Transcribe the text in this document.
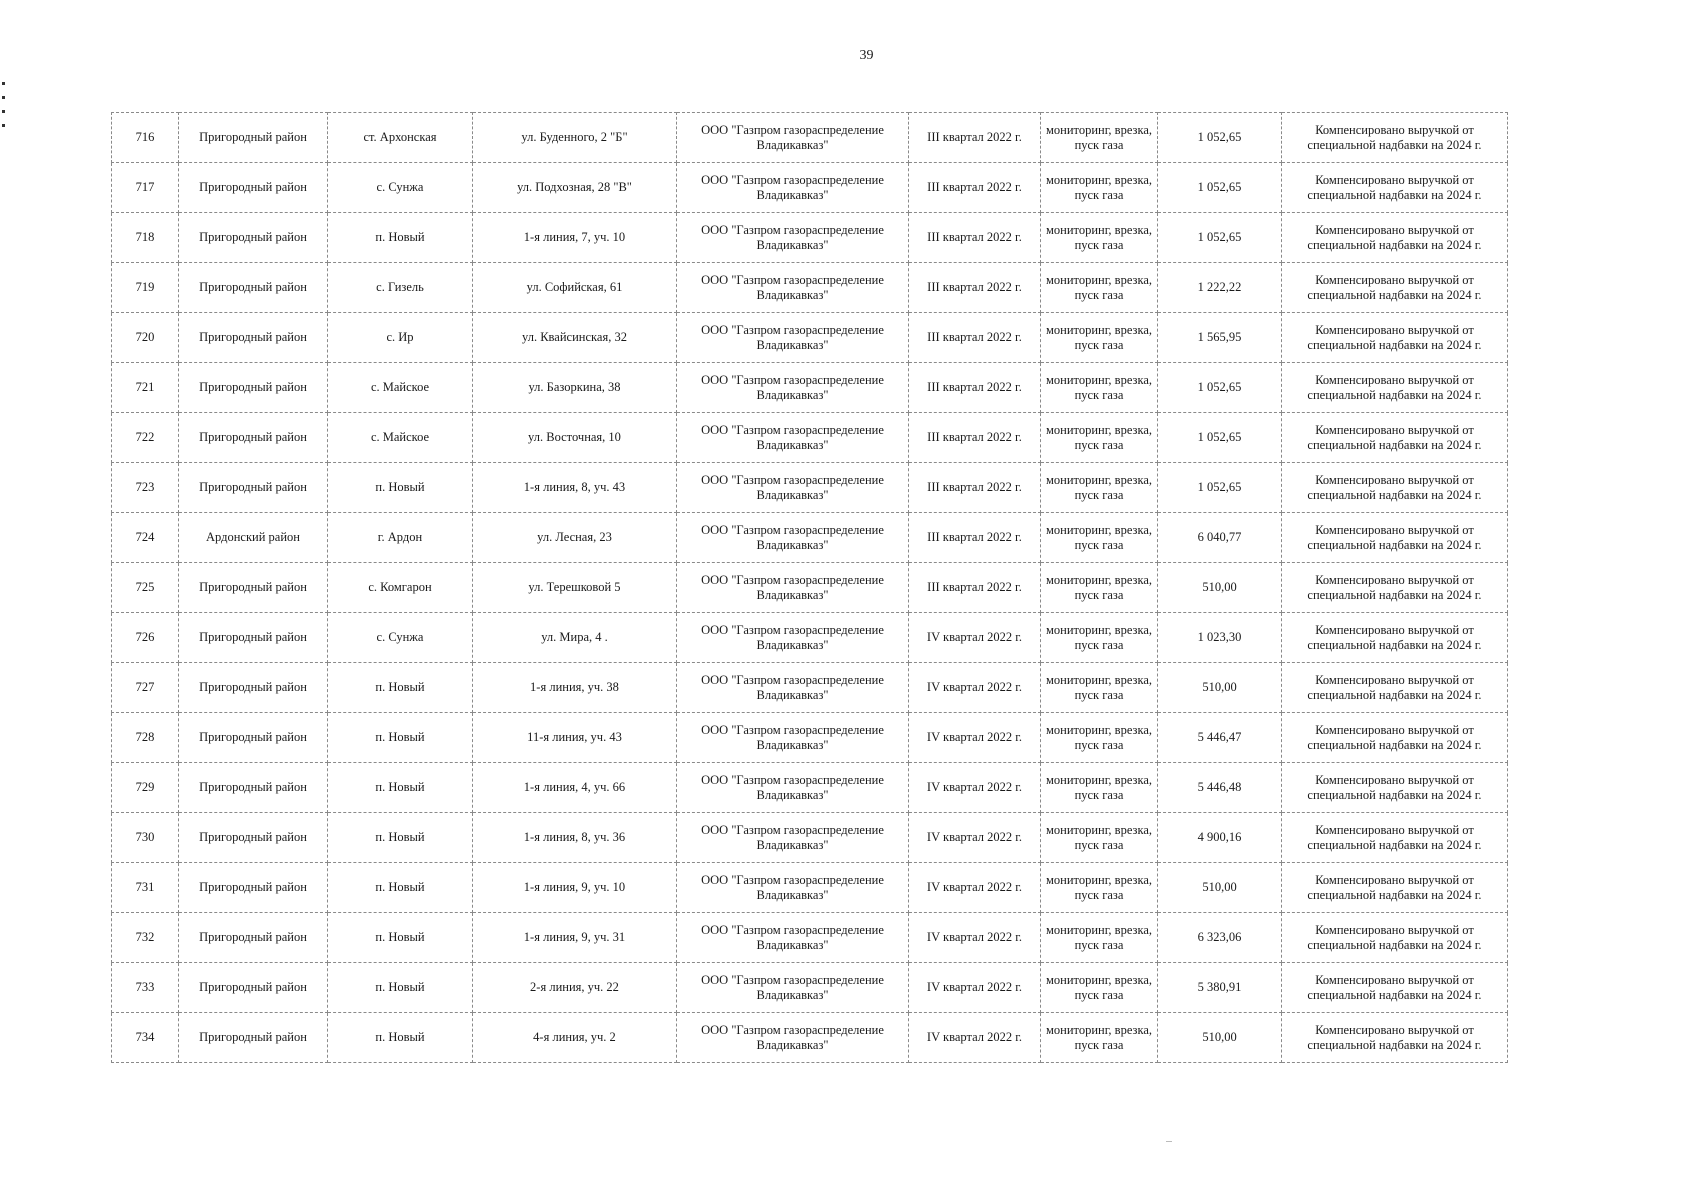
39
716	Пригородный район	ст. Архонская	ул. Буденного, 2 "Б"	ООО "Газпром газораспределение Владикавказ"	III квартал 2022 г.	мониторинг, врезка, пуск газа	1 052,65	Компенсировано выручкой от специальной надбавки на 2024 г.
717	Пригородный район	с. Сунжа	ул. Подхозная, 28 "В"	ООО "Газпром газораспределение Владикавказ"	III квартал 2022 г.	мониторинг, врезка, пуск газа	1 052,65	Компенсировано выручкой от специальной надбавки на 2024 г.
718	Пригородный район	п. Новый	1-я линия, 7, уч. 10	ООО "Газпром газораспределение Владикавказ"	III квартал 2022 г.	мониторинг, врезка, пуск газа	1 052,65	Компенсировано выручкой от специальной надбавки на 2024 г.
719	Пригородный район	с. Гизель	ул. Софийская, 61	ООО "Газпром газораспределение Владикавказ"	III квартал 2022 г.	мониторинг, врезка, пуск газа	1 222,22	Компенсировано выручкой от специальной надбавки на 2024 г.
720	Пригородный район	с. Ир	ул. Квайсинская, 32	ООО "Газпром газораспределение Владикавказ"	III квартал 2022 г.	мониторинг, врезка, пуск газа	1 565,95	Компенсировано выручкой от специальной надбавки на 2024 г.
721	Пригородный район	с. Майское	ул. Базоркина, 38	ООО "Газпром газораспределение Владикавказ"	III квартал 2022 г.	мониторинг, врезка, пуск газа	1 052,65	Компенсировано выручкой от специальной надбавки на 2024 г.
722	Пригородный район	с. Майское	ул. Восточная, 10	ООО "Газпром газораспределение Владикавказ"	III квартал 2022 г.	мониторинг, врезка, пуск газа	1 052,65	Компенсировано выручкой от специальной надбавки на 2024 г.
723	Пригородный район	п. Новый	1-я линия, 8, уч. 43	ООО "Газпром газораспределение Владикавказ"	III квартал 2022 г.	мониторинг, врезка, пуск газа	1 052,65	Компенсировано выручкой от специальной надбавки на 2024 г.
724	Ардонский район	г. Ардон	ул. Лесная, 23	ООО "Газпром газораспределение Владикавказ"	III квартал 2022 г.	мониторинг, врезка, пуск газа	6 040,77	Компенсировано выручкой от специальной надбавки на 2024 г.
725	Пригородный район	с. Комгарон	ул. Терешковой 5	ООО "Газпром газораспределение Владикавказ"	III квартал 2022 г.	мониторинг, врезка, пуск газа	510,00	Компенсировано выручкой от специальной надбавки на 2024 г.
726	Пригородный район	с. Сунжа	ул. Мира, 4 .	ООО "Газпром газораспределение Владикавказ"	IV квартал 2022 г.	мониторинг, врезка, пуск газа	1 023,30	Компенсировано выручкой от специальной надбавки на 2024 г.
727	Пригородный район	п. Новый	1-я линия, уч. 38	ООО "Газпром газораспределение Владикавказ"	IV квартал 2022 г.	мониторинг, врезка, пуск газа	510,00	Компенсировано выручкой от специальной надбавки на 2024 г.
728	Пригородный район	п. Новый	11-я линия, уч. 43	ООО "Газпром газораспределение Владикавказ"	IV квартал 2022 г.	мониторинг, врезка, пуск газа	5 446,47	Компенсировано выручкой от специальной надбавки на 2024 г.
729	Пригородный район	п. Новый	1-я линия, 4, уч. 66	ООО "Газпром газораспределение Владикавказ"	IV квартал 2022 г.	мониторинг, врезка, пуск газа	5 446,48	Компенсировано выручкой от специальной надбавки на 2024 г.
730	Пригородный район	п. Новый	1-я линия, 8, уч. 36	ООО "Газпром газораспределение Владикавказ"	IV квартал 2022 г.	мониторинг, врезка, пуск газа	4 900,16	Компенсировано выручкой от специальной надбавки на 2024 г.
731	Пригородный район	п. Новый	1-я линия, 9, уч. 10	ООО "Газпром газораспределение Владикавказ"	IV квартал 2022 г.	мониторинг, врезка, пуск газа	510,00	Компенсировано выручкой от специальной надбавки на 2024 г.
732	Пригородный район	п. Новый	1-я линия, 9, уч. 31	ООО "Газпром газораспределение Владикавказ"	IV квартал 2022 г.	мониторинг, врезка, пуск газа	6 323,06	Компенсировано выручкой от специальной надбавки на 2024 г.
733	Пригородный район	п. Новый	2-я линия, уч. 22	ООО "Газпром газораспределение Владикавказ"	IV квартал 2022 г.	мониторинг, врезка, пуск газа	5 380,91	Компенсировано выручкой от специальной надбавки на 2024 г.
734	Пригородный район	п. Новый	4-я линия, уч. 2	ООО "Газпром газораспределение Владикавказ"	IV квартал 2022 г.	мониторинг, врезка, пуск газа	510,00	Компенсировано выручкой от специальной надбавки на 2024 г.
